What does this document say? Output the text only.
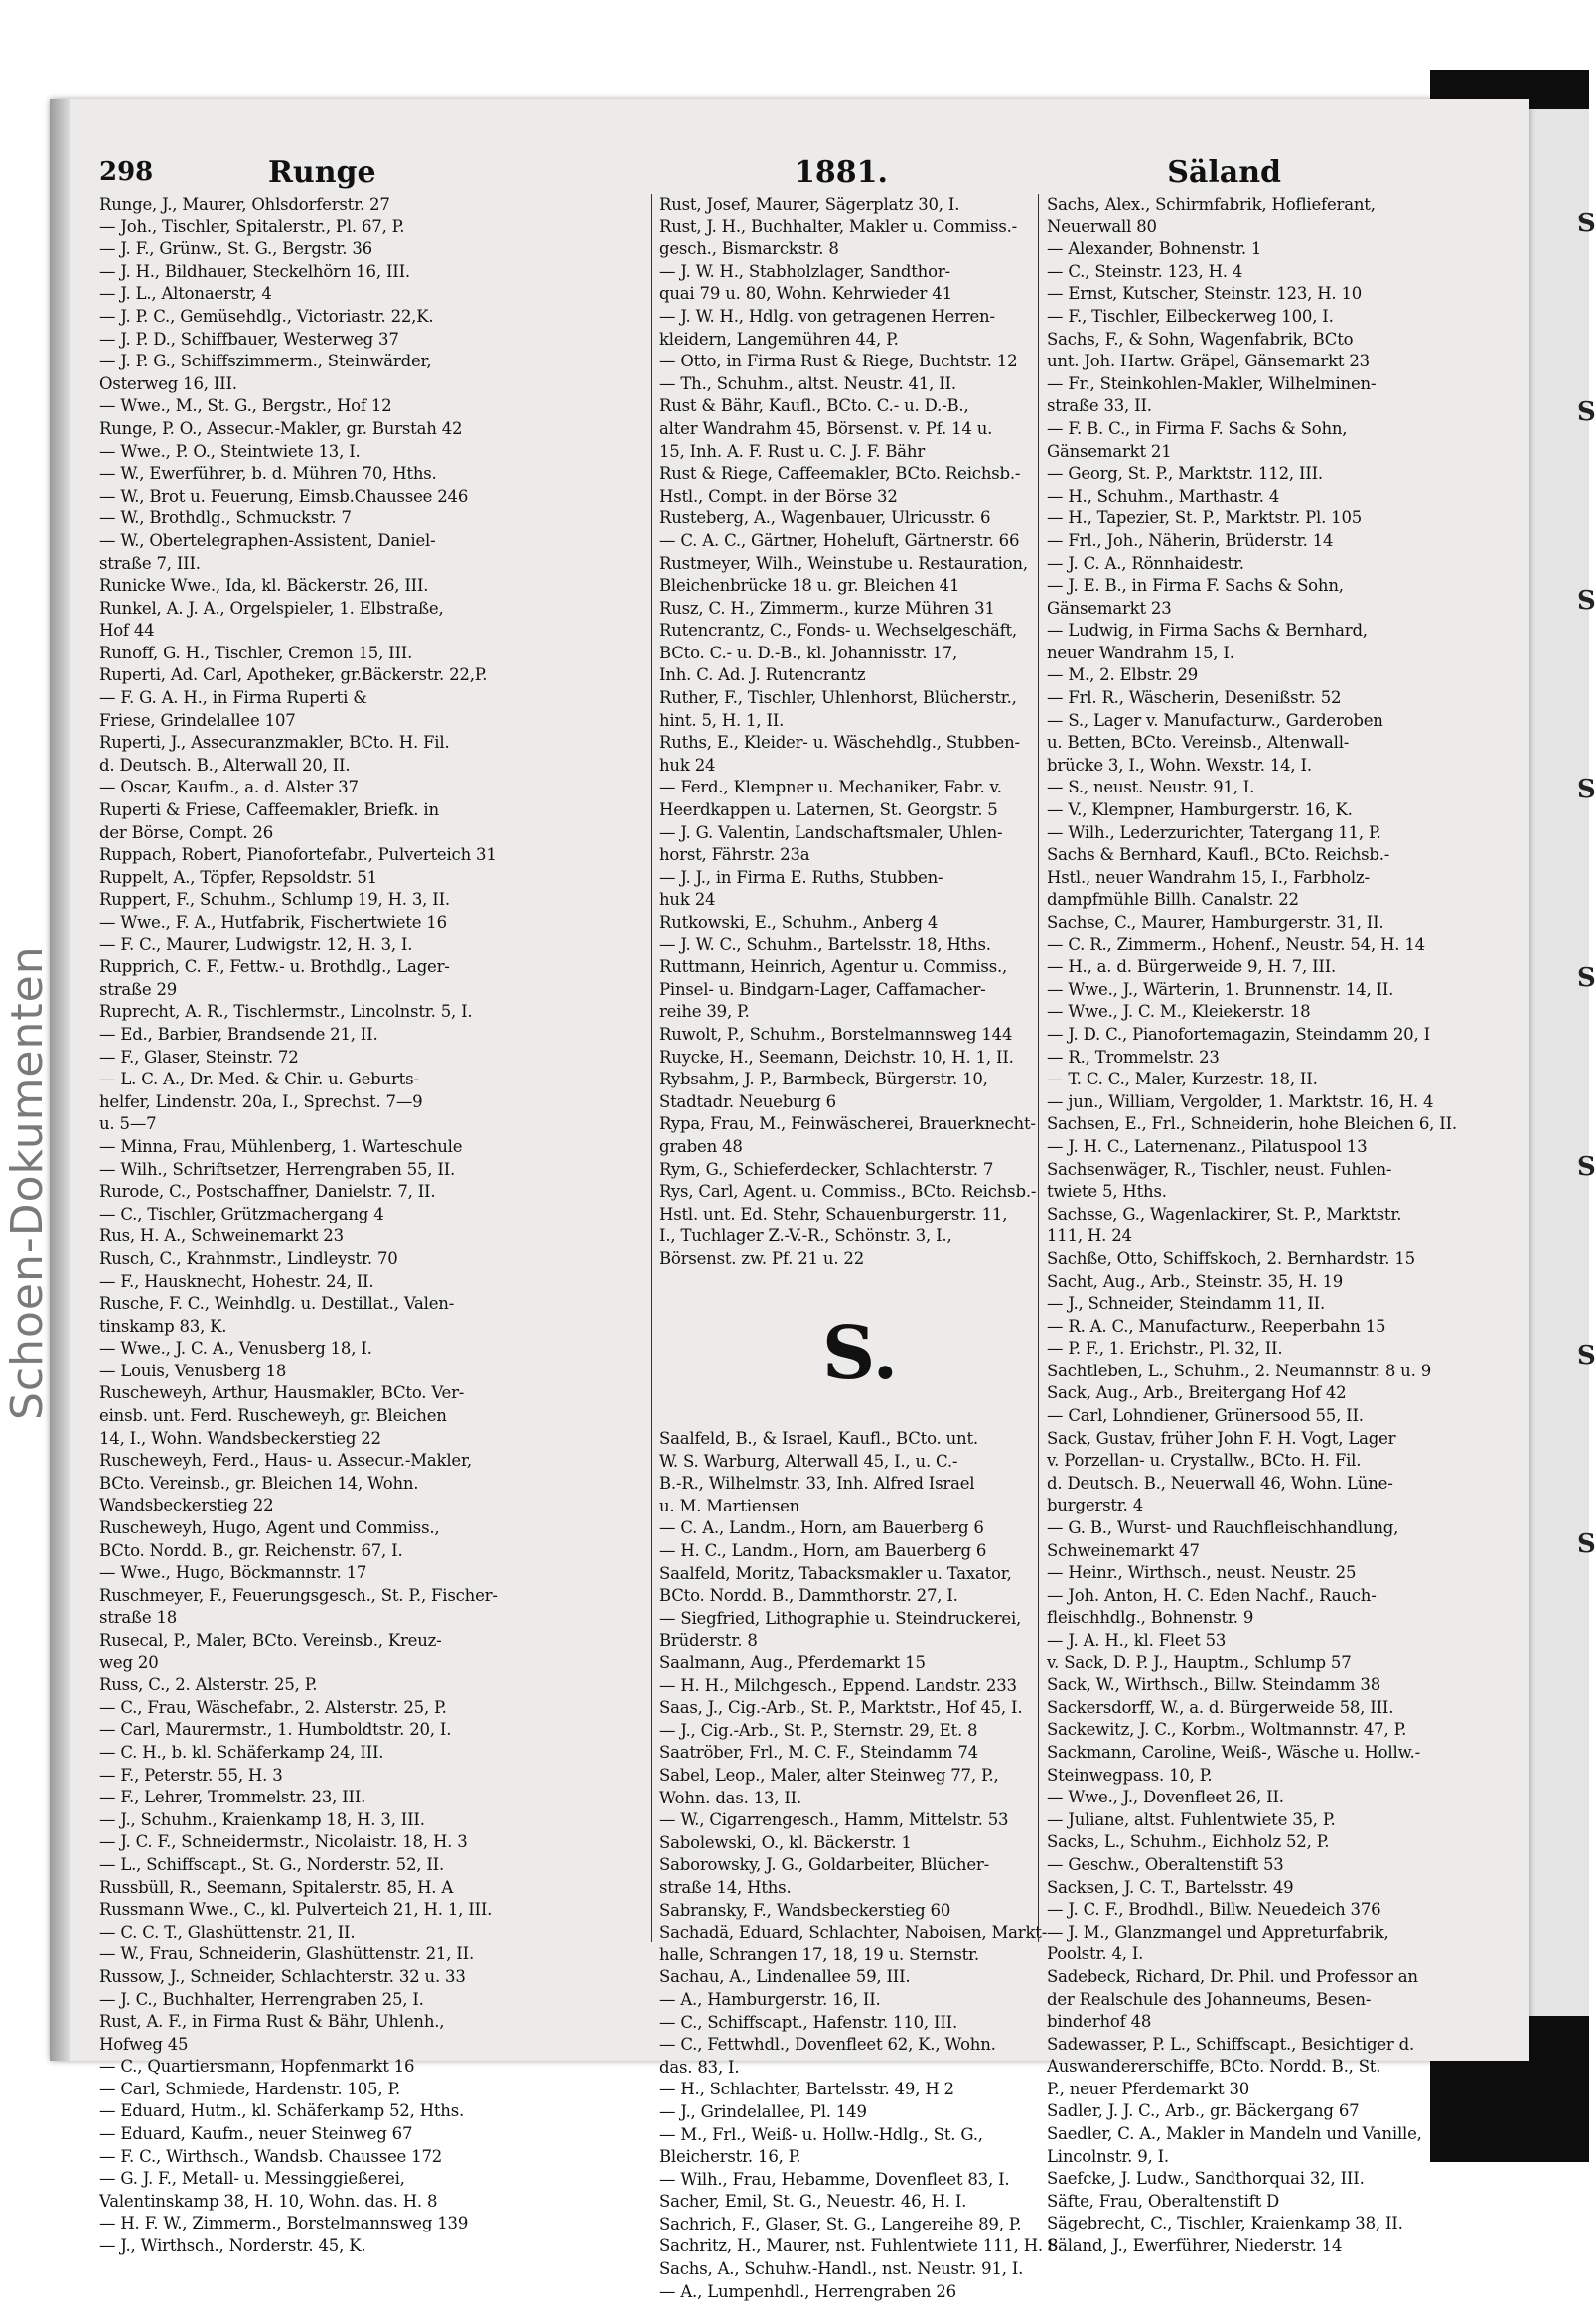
S
S
S
S
S
S
S
S
Schoen-Dokumenten
298	Runge	1881.	Säland
Runge, J., Maurer, Ohlsdorferstr. 27
— Joh., Tischler, Spitalerstr., Pl. 67, P.
— J. F., Grünw., St. G., Bergstr. 36
— J. H., Bildhauer, Steckelhörn 16, III.
— J. L., Altonaerstr, 4
— J. P. C., Gemüsehdlg., Victoriastr. 22,K.
— J. P. D., Schiffbauer, Westerweg 37
— J. P. G., Schiffszimmerm., Steinwärder,
Osterweg 16, III.
— Wwe., M., St. G., Bergstr., Hof 12
Runge, P. O., Assecur.-Makler, gr. Burstah 42
— Wwe., P. O., Steintwiete 13, I.
— W., Ewerführer, b. d. Mühren 70, Hths.
— W., Brot u. Feuerung, Eimsb.Chaussee 246
— W., Brothdlg., Schmuckstr. 7
— W., Obertelegraphen-Assistent, Daniel-
straße 7, III.
Runicke Wwe., Ida, kl. Bäckerstr. 26, III.
Runkel, A. J. A., Orgelspieler, 1. Elbstraße,
Hof 44
Runoff, G. H., Tischler, Cremon 15, III.
Ruperti, Ad. Carl, Apotheker, gr.Bäckerstr. 22,P.
— F. G. A. H., in Firma Ruperti &
Friese, Grindelallee 107
Ruperti, J., Assecuranzmakler, BCto. H. Fil.
d. Deutsch. B., Alterwall 20, II.
— Oscar, Kaufm., a. d. Alster 37
Ruperti & Friese, Caffeemakler, Briefk. in
der Börse, Compt. 26
Ruppach, Robert, Pianofortefabr., Pulverteich 31
Ruppelt, A., Töpfer, Repsoldstr. 51
Ruppert, F., Schuhm., Schlump 19, H. 3, II.
— Wwe., F. A., Hutfabrik, Fischertwiete 16
— F. C., Maurer, Ludwigstr. 12, H. 3, I.
Rupprich, C. F., Fettw.- u. Brothdlg., Lager-
straße 29
Ruprecht, A. R., Tischlermstr., Lincolnstr. 5, I.
— Ed., Barbier, Brandsende 21, II.
— F., Glaser, Steinstr. 72
— L. C. A., Dr. Med. & Chir. u. Geburts-
helfer, Lindenstr. 20a, I., Sprechst. 7—9
u. 5—7
— Minna, Frau, Mühlenberg, 1. Warteschule
— Wilh., Schriftsetzer, Herrengraben 55, II.
Rurode, C., Postschaffner, Danielstr. 7, II.
— C., Tischler, Grützmachergang 4
Rus, H. A., Schweinemarkt 23
Rusch, C., Krahnmstr., Lindleystr. 70
— F., Hausknecht, Hohestr. 24, II.
Rusche, F. C., Weinhdlg. u. Destillat., Valen-
tinskamp 83, K.
— Wwe., J. C. A., Venusberg 18, I.
— Louis, Venusberg 18
Ruscheweyh, Arthur, Hausmakler, BCto. Ver-
einsb. unt. Ferd. Ruscheweyh, gr. Bleichen
14, I., Wohn. Wandsbeckerstieg 22
Ruscheweyh, Ferd., Haus- u. Assecur.-Makler,
BCto. Vereinsb., gr. Bleichen 14, Wohn.
Wandsbeckerstieg 22
Ruscheweyh, Hugo, Agent und Commiss.,
BCto. Nordd. B., gr. Reichenstr. 67, I.
— Wwe., Hugo, Böckmannstr. 17
Ruschmeyer, F., Feuerungsgesch., St. P., Fischer-
straße 18
Rusecal, P., Maler, BCto. Vereinsb., Kreuz-
weg 20
Russ, C., 2. Alsterstr. 25, P.
— C., Frau, Wäschefabr., 2. Alsterstr. 25, P.
— Carl, Maurermstr., 1. Humboldtstr. 20, I.
— C. H., b. kl. Schäferkamp 24, III.
— F., Peterstr. 55, H. 3
— F., Lehrer, Trommelstr. 23, III.
— J., Schuhm., Kraienkamp 18, H. 3, III.
— J. C. F., Schneidermstr., Nicolaistr. 18, H. 3
— L., Schiffscapt., St. G., Norderstr. 52, II.
Russbüll, R., Seemann, Spitalerstr. 85, H. A
Russmann Wwe., C., kl. Pulverteich 21, H. 1, III.
— C. C. T., Glashüttenstr. 21, II.
— W., Frau, Schneiderin, Glashüttenstr. 21, II.
Russow, J., Schneider, Schlachterstr. 32 u. 33
— J. C., Buchhalter, Herrengraben 25, I.
Rust, A. F., in Firma Rust & Bähr, Uhlenh.,
Hofweg 45
— C., Quartiersmann, Hopfenmarkt 16
— Carl, Schmiede, Hardenstr. 105, P.
— Eduard, Hutm., kl. Schäferkamp 52, Hths.
— Eduard, Kaufm., neuer Steinweg 67
— F. C., Wirthsch., Wandsb. Chaussee 172
— G. J. F., Metall- u. Messinggießerei,
Valentinskamp 38, H. 10, Wohn. das. H. 8
— H. F. W., Zimmerm., Borstelmannsweg 139
— J., Wirthsch., Norderstr. 45, K.
Rust, Josef, Maurer, Sägerplatz 30, I.
Rust, J. H., Buchhalter, Makler u. Commiss.-
gesch., Bismarckstr. 8
— J. W. H., Stabholzlager, Sandthor-
quai 79 u. 80, Wohn. Kehrwieder 41
— J. W. H., Hdlg. von getragenen Herren-
kleidern, Langemühren 44, P.
— Otto, in Firma Rust & Riege, Buchtstr. 12
— Th., Schuhm., altst. Neustr. 41, II.
Rust & Bähr, Kaufl., BCto. C.- u. D.-B.,
alter Wandrahm 45, Börsenst. v. Pf. 14 u.
15, Inh. A. F. Rust u. C. J. F. Bähr
Rust & Riege, Caffeemakler, BCto. Reichsb.-
Hstl., Compt. in der Börse 32
Rusteberg, A., Wagenbauer, Ulricusstr. 6
— C. A. C., Gärtner, Hoheluft, Gärtnerstr. 66
Rustmeyer, Wilh., Weinstube u. Restauration,
Bleichenbrücke 18 u. gr. Bleichen 41
Rusz, C. H., Zimmerm., kurze Mühren 31
Rutencrantz, C., Fonds- u. Wechselgeschäft,
BCto. C.- u. D.-B., kl. Johannisstr. 17,
Inh. C. Ad. J. Rutencrantz
Ruther, F., Tischler, Uhlenhorst, Blücherstr.,
hint. 5, H. 1, II.
Ruths, E., Kleider- u. Wäschehdlg., Stubben-
huk 24
— Ferd., Klempner u. Mechaniker, Fabr. v.
Heerdkappen u. Laternen, St. Georgstr. 5
— J. G. Valentin, Landschaftsmaler, Uhlen-
horst, Fährstr. 23a
— J. J., in Firma E. Ruths, Stubben-
huk 24
Rutkowski, E., Schuhm., Anberg 4
— J. W. C., Schuhm., Bartelsstr. 18, Hths.
Ruttmann, Heinrich, Agentur u. Commiss.,
Pinsel- u. Bindgarn-Lager, Caffamacher-
reihe 39, P.
Ruwolt, P., Schuhm., Borstelmannsweg 144
Ruycke, H., Seemann, Deichstr. 10, H. 1, II.
Rybsahm, J. P., Barmbeck, Bürgerstr. 10,
Stadtadr. Neueburg 6
Rypa, Frau, M., Feinwäscherei, Brauerknecht-
graben 48
Rym, G., Schieferdecker, Schlachterstr. 7
Rys, Carl, Agent. u. Commiss., BCto. Reichsb.-
Hstl. unt. Ed. Stehr, Schauenburgerstr. 11,
I., Tuchlager Z.-V.-R., Schönstr. 3, I.,
Börsenst. zw. Pf. 21 u. 22
S.
Saalfeld, B., & Israel, Kaufl., BCto. unt.
W. S. Warburg, Alterwall 45, I., u. C.-
B.-R., Wilhelmstr. 33, Inh. Alfred Israel
u. M. Martiensen
— C. A., Landm., Horn, am Bauerberg 6
— H. C., Landm., Horn, am Bauerberg 6
Saalfeld, Moritz, Tabacksmakler u. Taxator,
BCto. Nordd. B., Dammthorstr. 27, I.
— Siegfried, Lithographie u. Steindruckerei,
Brüderstr. 8
Saalmann, Aug., Pferdemarkt 15
— H. H., Milchgesch., Eppend. Landstr. 233
Saas, J., Cig.-Arb., St. P., Marktstr., Hof 45, I.
— J., Cig.-Arb., St. P., Sternstr. 29, Et. 8
Saatröber, Frl., M. C. F., Steindamm 74
Sabel, Leop., Maler, alter Steinweg 77, P.,
Wohn. das. 13, II.
— W., Cigarrengesch., Hamm, Mittelstr. 53
Sabolewski, O., kl. Bäckerstr. 1
Saborowsky, J. G., Goldarbeiter, Blücher-
straße 14, Hths.
Sabransky, F., Wandsbeckerstieg 60
Sachadä, Eduard, Schlachter, Naboisen, Markt-
halle, Schrangen 17, 18, 19 u. Sternstr.
Sachau, A., Lindenallee 59, III.
— A., Hamburgerstr. 16, II.
— C., Schiffscapt., Hafenstr. 110, III.
— C., Fettwhdl., Dovenfleet 62, K., Wohn.
das. 83, I.
— H., Schlachter, Bartelsstr. 49, H 2
— J., Grindelallee, Pl. 149
— M., Frl., Weiß- u. Hollw.-Hdlg., St. G.,
Bleicherstr. 16, P.
— Wilh., Frau, Hebamme, Dovenfleet 83, I.
Sacher, Emil, St. G., Neuestr. 46, H. I.
Sachrich, F., Glaser, St. G., Langereihe 89, P.
Sachritz, H., Maurer, nst. Fuhlentwiete 111, H. 8
Sachs, A., Schuhw.-Handl., nst. Neustr. 91, I.
— A., Lumpenhdl., Herrengraben 26
Sachs, Alex., Schirmfabrik, Hoflieferant,
Neuerwall 80
— Alexander, Bohnenstr. 1
— C., Steinstr. 123, H. 4
— Ernst, Kutscher, Steinstr. 123, H. 10
— F., Tischler, Eilbeckerweg 100, I.
Sachs, F., & Sohn, Wagenfabrik, BCto
unt. Joh. Hartw. Gräpel, Gänsemarkt 23
— Fr., Steinkohlen-Makler, Wilhelminen-
straße 33, II.
— F. B. C., in Firma F. Sachs & Sohn,
Gänsemarkt 21
— Georg, St. P., Marktstr. 112, III.
— H., Schuhm., Marthastr. 4
— H., Tapezier, St. P., Marktstr. Pl. 105
— Frl., Joh., Näherin, Brüderstr. 14
— J. C. A., Rönnhaidestr.
— J. E. B., in Firma F. Sachs & Sohn,
Gänsemarkt 23
— Ludwig, in Firma Sachs & Bernhard,
neuer Wandrahm 15, I.
— M., 2. Elbstr. 29
— Frl. R., Wäscherin, Desenißstr. 52
— S., Lager v. Manufacturw., Garderoben
u. Betten, BCto. Vereinsb., Altenwall-
brücke 3, I., Wohn. Wexstr. 14, I.
— S., neust. Neustr. 91, I.
— V., Klempner, Hamburgerstr. 16, K.
— Wilh., Lederzurichter, Tatergang 11, P.
Sachs & Bernhard, Kaufl., BCto. Reichsb.-
Hstl., neuer Wandrahm 15, I., Farbholz-
dampfmühle Billh. Canalstr. 22
Sachse, C., Maurer, Hamburgerstr. 31, II.
— C. R., Zimmerm., Hohenf., Neustr. 54, H. 14
— H., a. d. Bürgerweide 9, H. 7, III.
— Wwe., J., Wärterin, 1. Brunnenstr. 14, II.
— Wwe., J. C. M., Kleiekerstr. 18
— J. D. C., Pianofortemagazin, Steindamm 20, I
— R., Trommelstr. 23
— T. C. C., Maler, Kurzestr. 18, II.
— jun., William, Vergolder, 1. Marktstr. 16, H. 4
Sachsen, E., Frl., Schneiderin, hohe Bleichen 6, II.
— J. H. C., Laternenanz., Pilatuspool 13
Sachsenwäger, R., Tischler, neust. Fuhlen-
twiete 5, Hths.
Sachsse, G., Wagenlackirer, St. P., Marktstr.
111, H. 24
Sachße, Otto, Schiffskoch, 2. Bernhardstr. 15
Sacht, Aug., Arb., Steinstr. 35, H. 19
— J., Schneider, Steindamm 11, II.
— R. A. C., Manufacturw., Reeperbahn 15
— P. F., 1. Erichstr., Pl. 32, II.
Sachtleben, L., Schuhm., 2. Neumannstr. 8 u. 9
Sack, Aug., Arb., Breitergang Hof 42
— Carl, Lohndiener, Grünersood 55, II.
Sack, Gustav, früher John F. H. Vogt, Lager
v. Porzellan- u. Crystallw., BCto. H. Fil.
d. Deutsch. B., Neuerwall 46, Wohn. Lüne-
burgerstr. 4
— G. B., Wurst- und Rauchfleischhandlung,
Schweinemarkt 47
— Heinr., Wirthsch., neust. Neustr. 25
— Joh. Anton, H. C. Eden Nachf., Rauch-
fleischhdlg., Bohnenstr. 9
— J. A. H., kl. Fleet 53
v. Sack, D. P. J., Hauptm., Schlump 57
Sack, W., Wirthsch., Billw. Steindamm 38
Sackersdorff, W., a. d. Bürgerweide 58, III.
Sackewitz, J. C., Korbm., Woltmannstr. 47, P.
Sackmann, Caroline, Weiß-, Wäsche u. Hollw.-
Steinwegpass. 10, P.
— Wwe., J., Dovenfleet 26, II.
— Juliane, altst. Fuhlentwiete 35, P.
Sacks, L., Schuhm., Eichholz 52, P.
— Geschw., Oberaltenstift 53
Sacksen, J. C. T., Bartelsstr. 49
— J. C. F., Brodhdl., Billw. Neuedeich 376
— J. M., Glanzmangel und Appreturfabrik,
Poolstr. 4, I.
Sadebeck, Richard, Dr. Phil. und Professor an
der Realschule des Johanneums, Besen-
binderhof 48
Sadewasser, P. L., Schiffscapt., Besichtiger d.
Auswandererschiffe, BCto. Nordd. B., St.
P., neuer Pferdemarkt 30
Sadler, J. J. C., Arb., gr. Bäckergang 67
Saedler, C. A., Makler in Mandeln und Vanille,
Lincolnstr. 9, I.
Saefcke, J. Ludw., Sandthorquai 32, III.
Säfte, Frau, Oberaltenstift D
Sägebrecht, C., Tischler, Kraienkamp 38, II.
Säland, J., Ewerführer, Niederstr. 14
